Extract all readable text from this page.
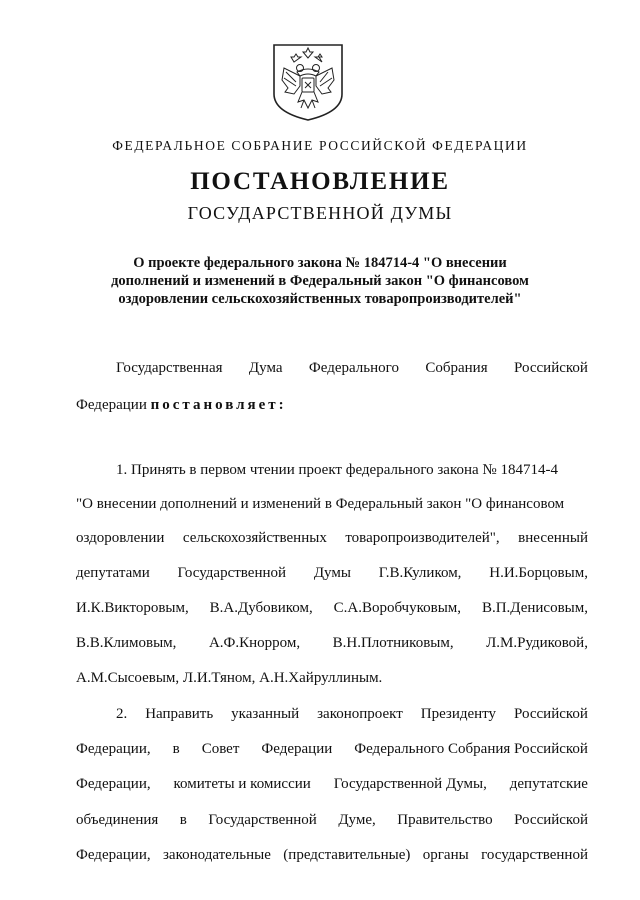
ФЕДЕРАЛЬНОЕ СОБРАНИЕ РОССИЙСКОЙ ФЕДЕРАЦИИ
ПОСТАНОВЛЕНИЕ
ГОСУДАРСТВЕННОЙ ДУМЫ
О проекте федерального закона № 184714-4 "О внесении
дополнений и изменений в Федеральный закон "О финансовом
оздоровлении сельскохозяйственных товаропроизводителей"
Государственная Дума Федерального Собрания Российской
Федерации постановляет:
1. Принять в первом чтении проект федерального закона № 184714-4
"О внесении дополнений и изменений в Федеральный закон "О финансовом
оздоровлении сельскохозяйственных товаропроизводителей", внесенный
депутатами Государственной Думы Г.В.Куликом, Н.И.Борцовым,
И.К.Викторовым, В.А.Дубовиком, С.А.Воробчуковым, В.П.Денисовым,
В.В.Климовым, А.Ф.Кнорром, В.Н.Плотниковым, Л.М.Рудиковой,
А.М.Сысоевым, Л.И.Тяном, А.Н.Хайруллиным.
2. Направить указанный законопроект Президенту Российской
Федерации, в Совет Федерации Федерального Собрания Российской
Федерации, комитеты и комиссии Государственной Думы, депутатские
объединения в Государственной Думе, Правительство Российской
Федерации, законодательные (представительные) органы государственной
